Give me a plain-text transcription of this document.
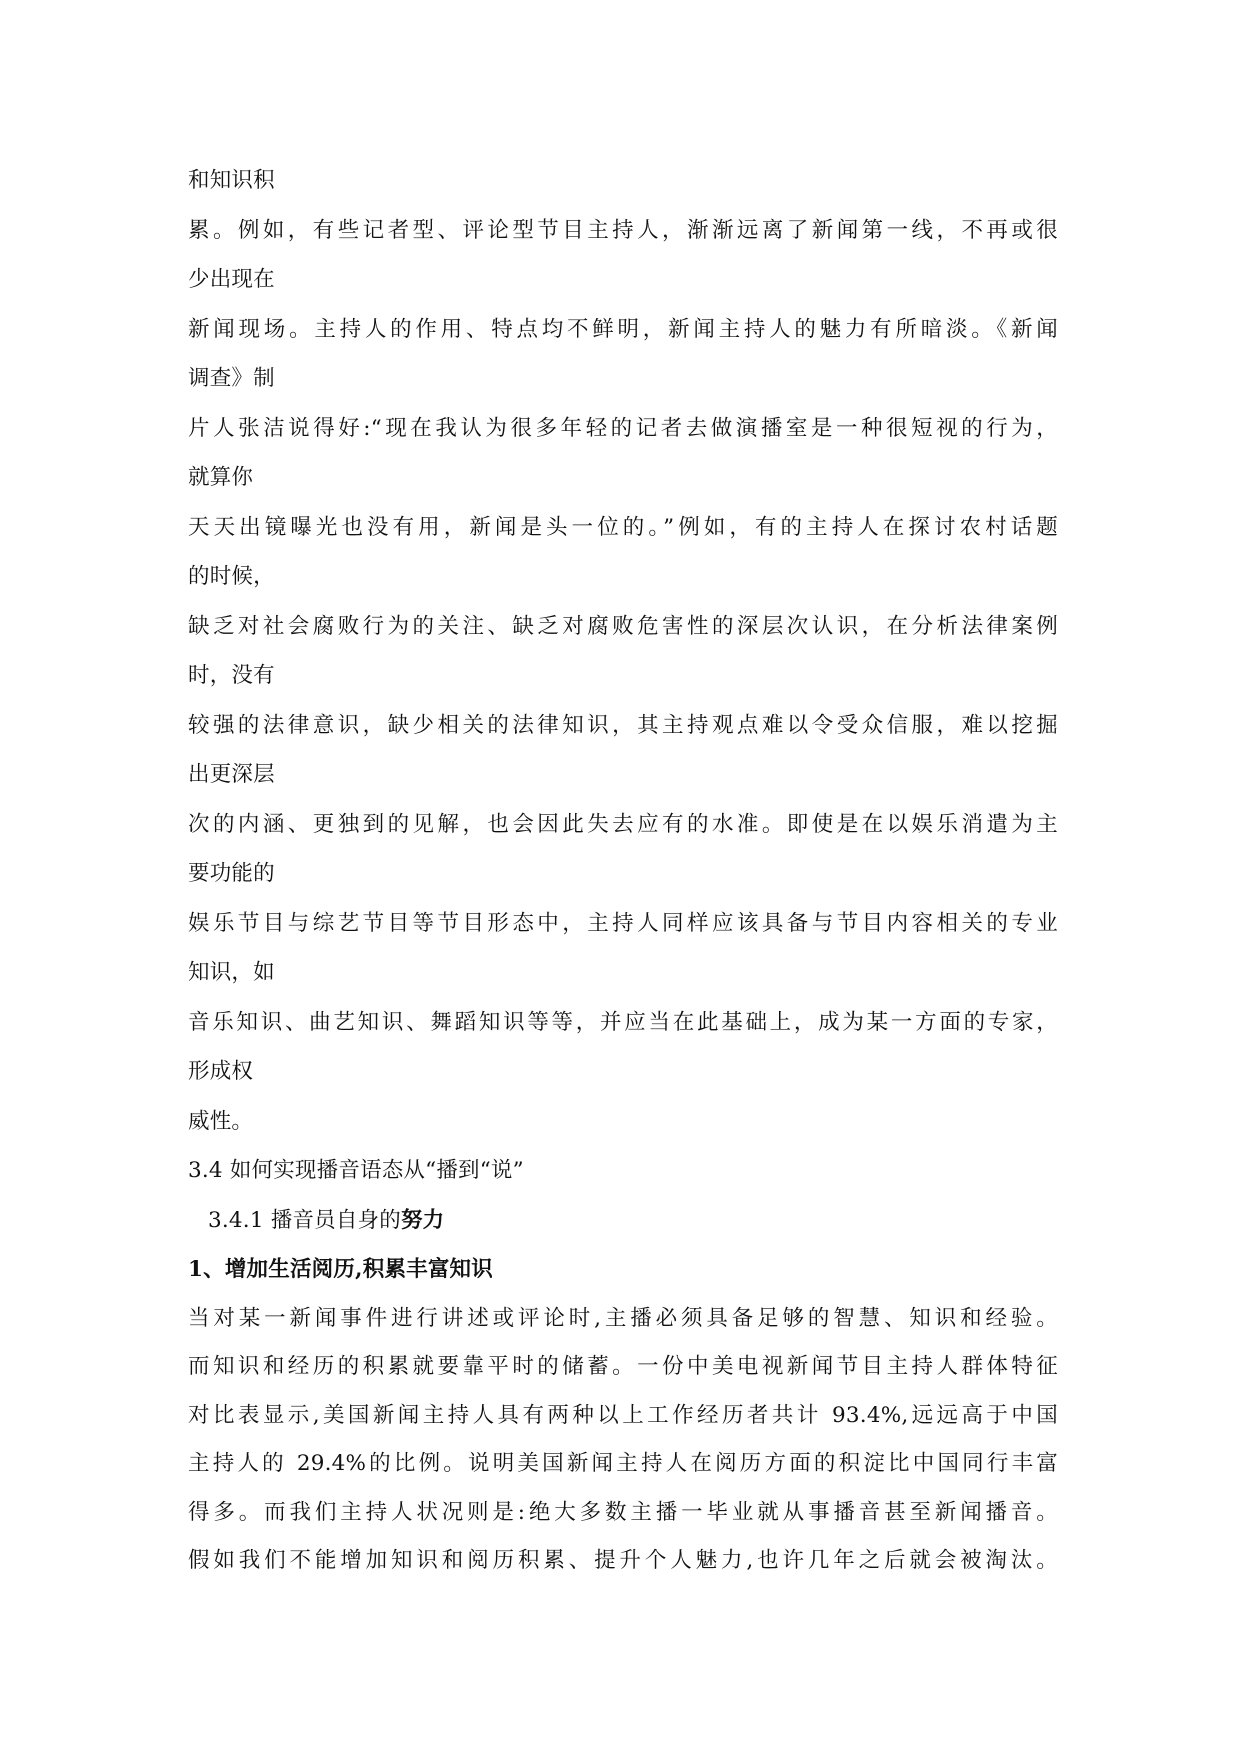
和知识积
累。例如，有些记者型、评论型节目主持人，渐渐远离了新闻第一线，不再或很
少出现在
新闻现场。主持人的作用、特点均不鲜明，新闻主持人的魅力有所暗淡。《新闻
调查》制
片人张洁说得好:“现在我认为很多年轻的记者去做演播室是一种很短视的行为，
就算你
天天出镜曝光也没有用，新闻是头一位的。”例如，有的主持人在探讨农村话题
的时候，
缺乏对社会腐败行为的关注、缺乏对腐败危害性的深层次认识，在分析法律案例
时，没有
较强的法律意识，缺少相关的法律知识，其主持观点难以令受众信服，难以挖掘
出更深层
次的内涵、更独到的见解，也会因此失去应有的水准。即使是在以娱乐消遣为主
要功能的
娱乐节目与综艺节目等节目形态中，主持人同样应该具备与节目内容相关的专业
知识，如
音乐知识、曲艺知识、舞蹈知识等等，并应当在此基础上，成为某一方面的专家，
形成权
威性。
3.4 如何实现播音语态从“播到“说”
3.4.1 播音员自身的努力
1、增加生活阅历,积累丰富知识
当对某一新闻事件进行讲述或评论时,主播必须具备足够的智慧、知识和经验。
而知识和经历的积累就要靠平时的储蓄。一份中美电视新闻节目主持人群体特征
对比表显示,美国新闻主持人具有两种以上工作经历者共计 93.4%,远远高于中国
主持人的 29.4%的比例。说明美国新闻主持人在阅历方面的积淀比中国同行丰富
得多。而我们主持人状况则是:绝大多数主播一毕业就从事播音甚至新闻播音。
假如我们不能增加知识和阅历积累、提升个人魅力,也许几年之后就会被淘汰。
